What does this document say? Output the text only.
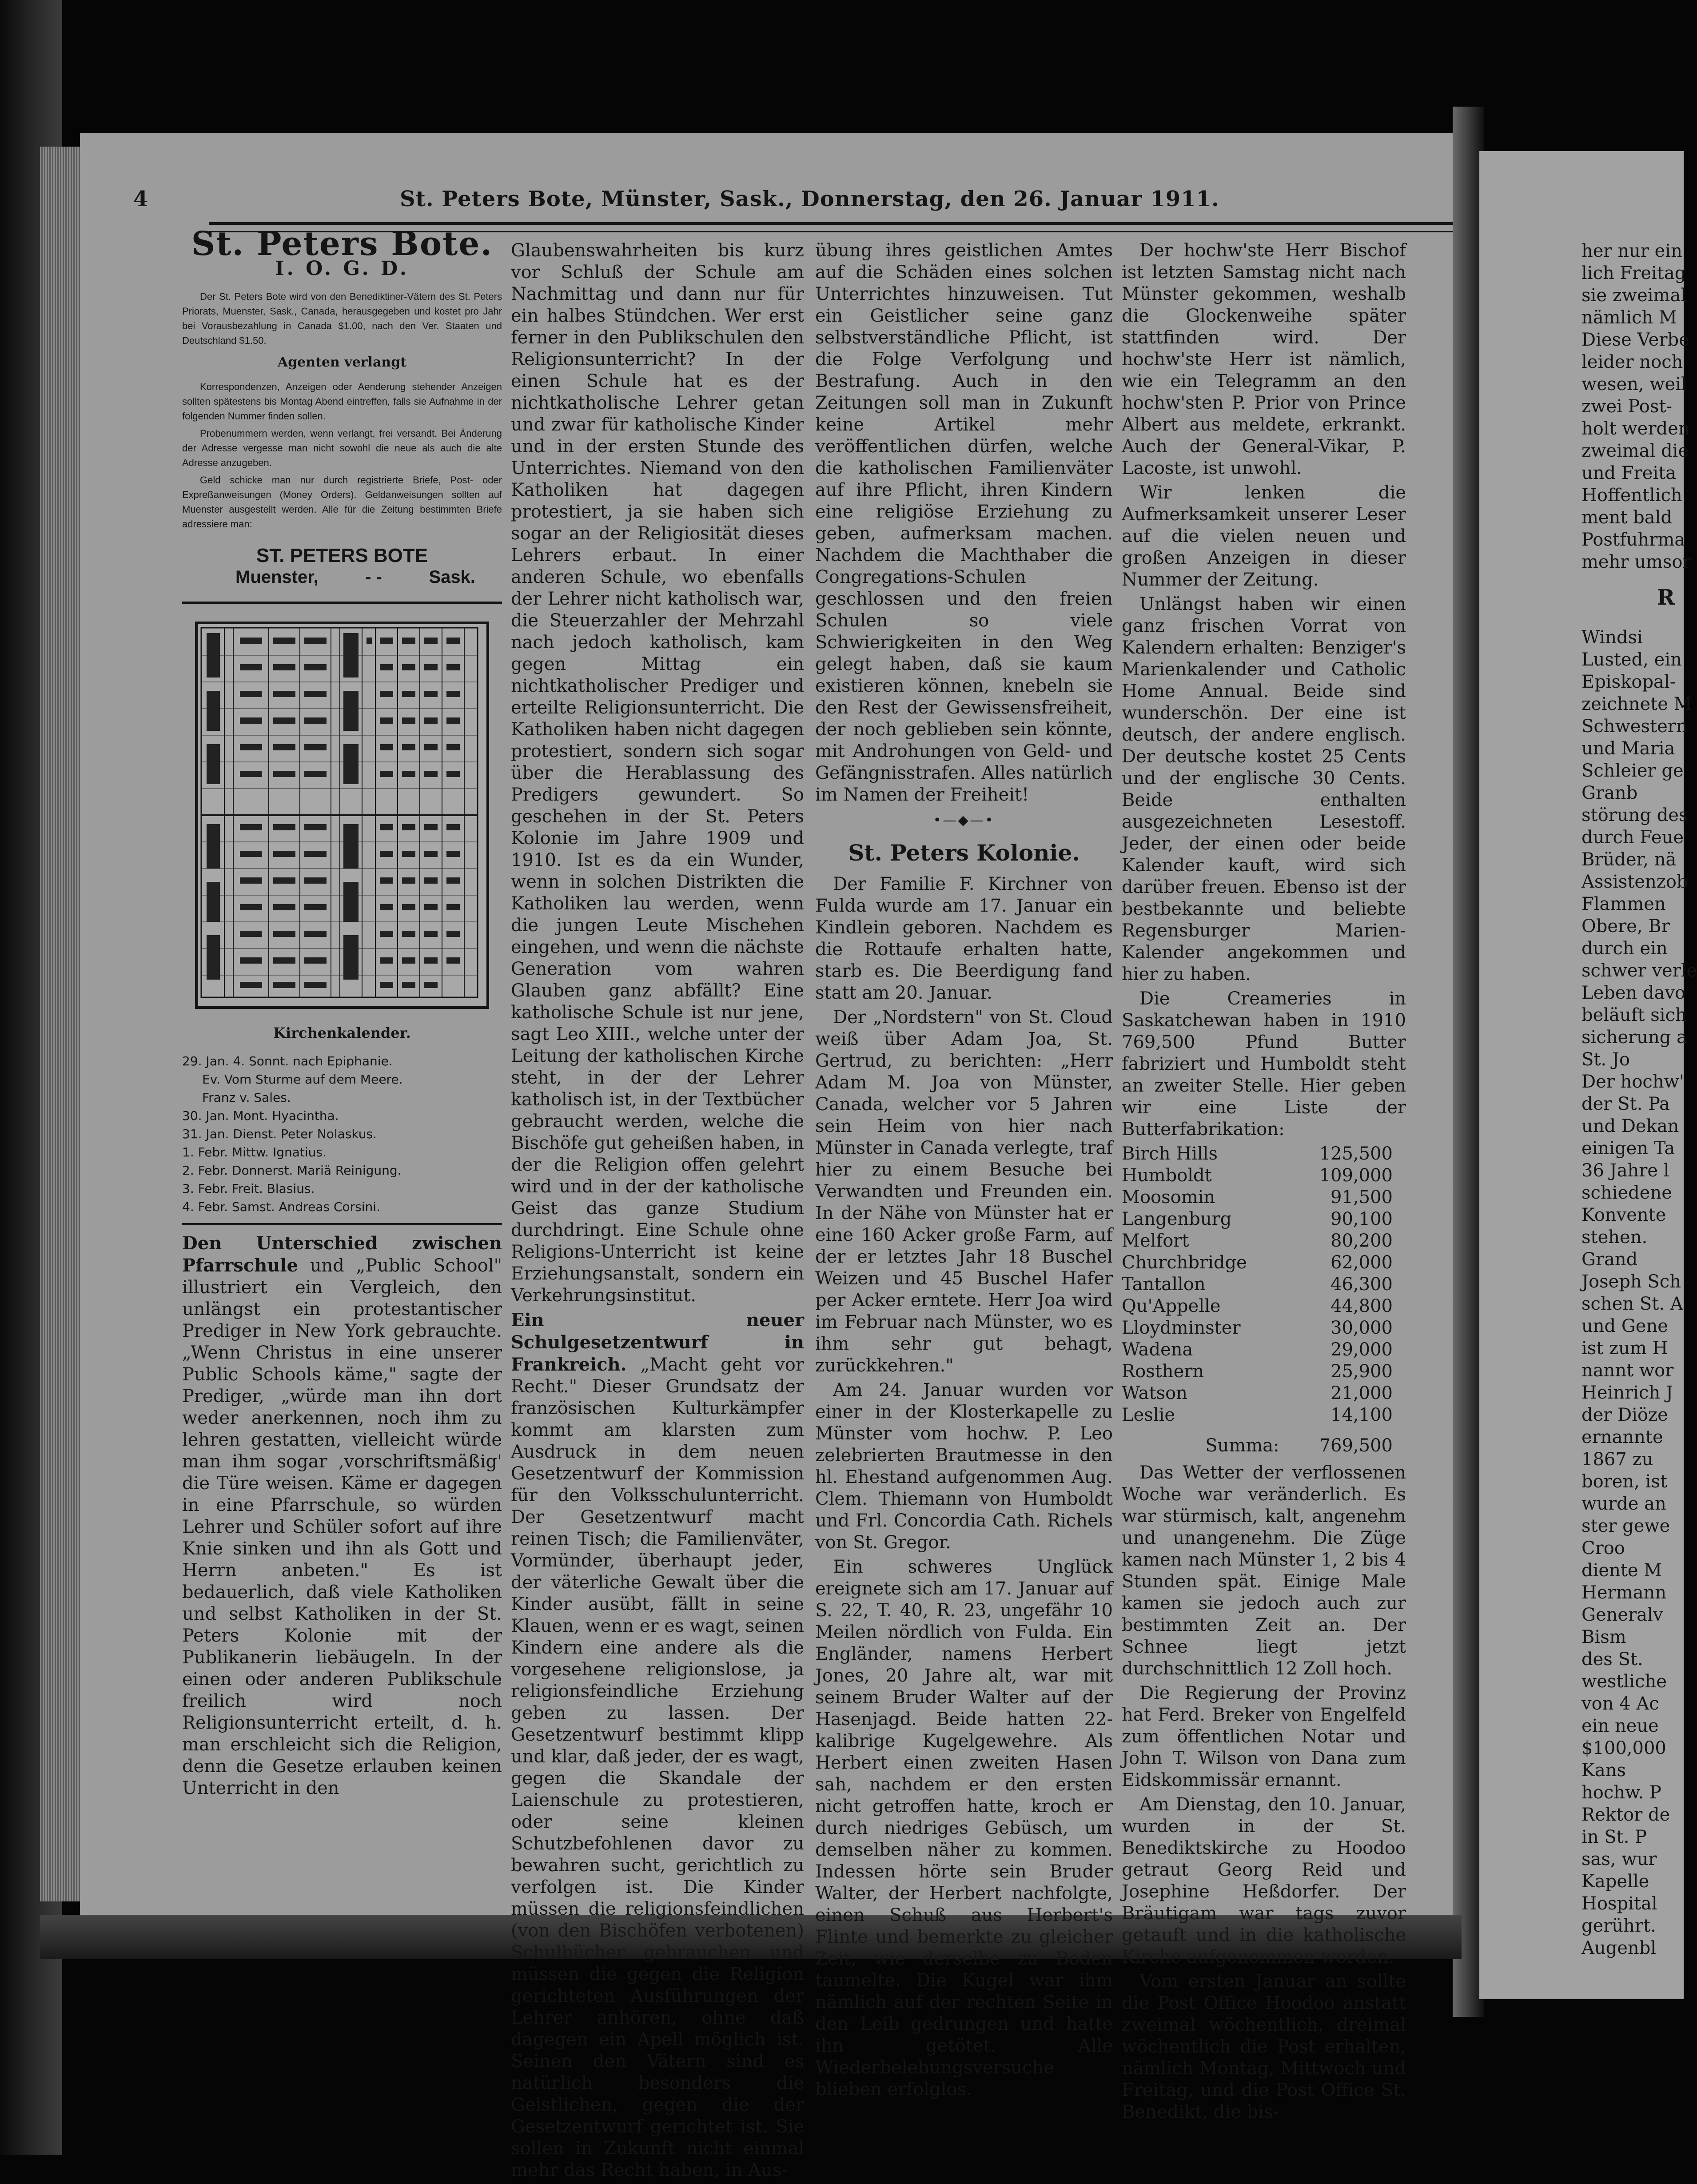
4	St. Peters Bote, Münster, Sask., Donnerstag, den 26. Januar 1911.
St. Peters Bote.
I. O. G. D.

Der St. Peters Bote wird von den Benediktiner-Vätern des St. Peters Priorats, Muenster, Sask., Canada, herausgegeben und kostet pro Jahr bei Vorausbezahlung in Canada $1.00, nach den Ver. Staaten und Deutschland $1.50.

Agenten verlangt

Korrespondenzen, Anzeigen oder Aenderung stehender Anzeigen sollten spätestens bis Montag Abend eintreffen, falls sie Aufnahme in der folgenden Nummer finden sollen.

Probenummern werden, wenn verlangt, frei versandt. Bei Änderung der Adresse vergesse man nicht sowohl die neue als auch die alte Adresse anzugeben.

Geld schicke man nur durch registrierte Briefe, Post- oder Expreßanweisungen (Money Orders). Geldanweisungen sollten auf Muenster ausgestellt werden. Alle für die Zeitung bestimmten Briefe adressiere man:

ST. PETERS BOTE
Muenster,	- -	Sask.
Kirchenkalender.
29. Jan. 4. Sonnt. nach Epiphanie.
Ev. Vom Sturme auf dem Meere.
Franz v. Sales.
30. Jan. Mont. Hyacintha.
31. Jan. Dienst. Peter Nolaskus.
1. Febr. Mittw. Ignatius.
2. Febr. Donnerst. Mariä Reinigung.
3. Febr. Freit. Blasius.
4. Febr. Samst. Andreas Corsini.

Den Unterschied zwischen Pfarrschule und „Public School" illustriert ein Vergleich, den unlängst ein protestantischer Prediger in New York gebrauchte. „Wenn Christus in eine unserer Public Schools käme," sagte der Prediger, „würde man ihn dort weder anerkennen, noch ihm zu lehren gestatten, vielleicht würde man ihm sogar ‚vorschriftsmäßig' die Türe weisen. Käme er dagegen in eine Pfarrschule, so würden Lehrer und Schüler sofort auf ihre Knie sinken und ihn als Gott und Herrn anbeten." Es ist bedauerlich, daß viele Katholiken und selbst Katholiken in der St. Peters Kolonie mit der Publikanerin liebäugeln. In der einen oder anderen Publikschule freilich wird noch Religionsunterricht erteilt, d. h. man erschleicht sich die Religion, denn die Gesetze erlauben keinen Unterricht in den

Glaubenswahrheiten bis kurz vor Schluß der Schule am Nachmittag und dann nur für ein halbes Stündchen. Wer erst ferner in den Publikschulen den Religionsunterricht? In der einen Schule hat es der nichtkatholische Lehrer getan und zwar für katholische Kinder und in der ersten Stunde des Unterrichtes. Niemand von den Katholiken hat dagegen protestiert, ja sie haben sich sogar an der Religiosität dieses Lehrers erbaut. In einer anderen Schule, wo ebenfalls der Lehrer nicht katholisch war, die Steuerzahler der Mehrzahl nach jedoch katholisch, kam gegen Mittag ein nichtkatholischer Prediger und erteilte Religionsunterricht. Die Katholiken haben nicht dagegen protestiert, sondern sich sogar über die Herablassung des Predigers gewundert. So geschehen in der St. Peters Kolonie im Jahre 1909 und 1910. Ist es da ein Wunder, wenn in solchen Distrikten die Katholiken lau werden, wenn die jungen Leute Mischehen eingehen, und wenn die nächste Generation vom wahren Glauben ganz abfällt? Eine katholische Schule ist nur jene, sagt Leo XIII., welche unter der Leitung der katholischen Kirche steht, in der der Lehrer katholisch ist, in der Textbücher gebraucht werden, welche die Bischöfe gut geheißen haben, in der die Religion offen gelehrt wird und in der der katholische Geist das ganze Studium durchdringt. Eine Schule ohne Religions-Unterricht ist keine Erziehungsanstalt, sondern ein Verkehrungsinstitut.

Ein neuer Schulgesetzentwurf in Frankreich. „Macht geht vor Recht." Dieser Grundsatz der französischen Kulturkämpfer kommt am klarsten zum Ausdruck in dem neuen Gesetzentwurf der Kommission für den Volksschulunterricht. Der Gesetzentwurf macht reinen Tisch; die Familienväter, Vormünder, überhaupt jeder, der väterliche Gewalt über die Kinder ausübt, fällt in seine Klauen, wenn er es wagt, seinen Kindern eine andere als die vorgesehene religionslose, ja religionsfeindliche Erziehung geben zu lassen. Der Gesetzentwurf bestimmt klipp und klar, daß jeder, der es wagt, gegen die Skandale der Laienschule zu protestieren, oder seine kleinen Schutzbefohlenen davor zu bewahren sucht, gerichtlich zu verfolgen ist. Die Kinder müssen die religionsfeindlichen (von den Bischöfen verbotenen) Schulbücher gebrauchen und müssen die gegen die Religion gerichteten Ausführungen der Lehrer anhören, ohne daß dagegen ein Apell möglich ist. Seinen den Vätern sind es natürlich besonders die Geistlichen, gegen die der Gesetzentwurf gerichtet ist. Sie sollen in Zukunft nicht einmal mehr das Recht haben, in Aus-

übung ihres geistlichen Amtes auf die Schäden eines solchen Unterrichtes hinzuweisen. Tut ein Geistlicher seine ganz selbstverständliche Pflicht, ist die Folge Verfolgung und Bestrafung. Auch in den Zeitungen soll man in Zukunft keine Artikel mehr veröffentlichen dürfen, welche die katholischen Familienväter auf ihre Pflicht, ihren Kindern eine religiöse Erziehung zu geben, aufmerksam machen. Nachdem die Machthaber die Congregations-Schulen geschlossen und den freien Schulen so viele Schwierigkeiten in den Weg gelegt haben, daß sie kaum existieren können, knebeln sie den Rest der Gewissensfreiheit, der noch geblieben sein könnte, mit Androhungen von Geld- und Gefängnisstrafen. Alles natürlich im Namen der Freiheit!

•—◆—•
St. Peters Kolonie.

Der Familie F. Kirchner von Fulda wurde am 17. Januar ein Kindlein geboren. Nachdem es die Rottaufe erhalten hatte, starb es. Die Beerdigung fand statt am 20. Januar.

Der „Nordstern" von St. Cloud weiß über Adam Joa, St. Gertrud, zu berichten: „Herr Adam M. Joa von Münster, Canada, welcher vor 5 Jahren sein Heim von hier nach Münster in Canada verlegte, traf hier zu einem Besuche bei Verwandten und Freunden ein. In der Nähe von Münster hat er eine 160 Acker große Farm, auf der er letztes Jahr 18 Buschel Weizen und 45 Buschel Hafer per Acker erntete. Herr Joa wird im Februar nach Münster, wo es ihm sehr gut behagt, zurückkehren."

Am 24. Januar wurden vor einer in der Klosterkapelle zu Münster vom hochw. P. Leo zelebrierten Brautmesse in den hl. Ehestand aufgenommen Aug. Clem. Thiemann von Humboldt und Frl. Concordia Cath. Richels von St. Gregor.

Ein schweres Unglück ereignete sich am 17. Januar auf S. 22, T. 40, R. 23, ungefähr 10 Meilen nördlich von Fulda. Ein Engländer, namens Herbert Jones, 20 Jahre alt, war mit seinem Bruder Walter auf der Hasenjagd. Beide hatten 22-kalibrige Kugelgewehre. Als Herbert einen zweiten Hasen sah, nachdem er den ersten nicht getroffen hatte, kroch er durch niedriges Gebüsch, um demselben näher zu kommen. Indessen hörte sein Bruder Walter, der Herbert nachfolgte, einen Schuß aus Herbert's Flinte und bemerkte zu gleicher Zeit, wie derselbe zu Boden taumelte. Die Kugel war ihm nämlich auf der rechten Seite in den Leib gedrungen und hatte ihn getötet. Alle Wiederbelebungsversuche blieben erfolglos.

Der hochw'ste Herr Bischof ist letzten Samstag nicht nach Münster gekommen, weshalb die Glockenweihe später stattfinden wird. Der hochw'ste Herr ist nämlich, wie ein Telegramm an den hochw'sten P. Prior von Prince Albert aus meldete, erkrankt. Auch der General-Vikar, P. Lacoste, ist unwohl.

Wir lenken die Aufmerksamkeit unserer Leser auf die vielen neuen und großen Anzeigen in dieser Nummer der Zeitung.

Unlängst haben wir einen ganz frischen Vorrat von Kalendern erhalten: Benziger's Marienkalender und Catholic Home Annual. Beide sind wunderschön. Der eine ist deutsch, der andere englisch. Der deutsche kostet 25 Cents und der englische 30 Cents. Beide enthalten ausgezeichneten Lesestoff. Jeder, der einen oder beide Kalender kauft, wird sich darüber freuen. Ebenso ist der bestbekannte und beliebte Regensburger Marien-Kalender angekommen und hier zu haben.

Die Creameries in Saskatchewan haben in 1910 769,500 Pfund Butter fabriziert und Humboldt steht an zweiter Stelle. Hier geben wir eine Liste der Butterfabrikation:

Birch Hills	125,500
Humboldt	109,000
Moosomin	91,500
Langenburg	90,100
Melfort	80,200
Churchbridge	62,000
Tantallon	46,300
Qu'Appelle	44,800
Lloydminster	30,000
Wadena	29,000
Rosthern	25,900
Watson	21,000
Leslie	14,100
Summa: 769,500

Das Wetter der verflossenen Woche war veränderlich. Es war stürmisch, kalt, angenehm und unangenehm. Die Züge kamen nach Münster 1, 2 bis 4 Stunden spät. Einige Male kamen sie jedoch auch zur bestimmten Zeit an. Der Schnee liegt jetzt durchschnittlich 12 Zoll hoch.

Die Regierung der Provinz hat Ferd. Breker von Engelfeld zum öffentlichen Notar und John T. Wilson von Dana zum Eidskommissär ernannt.

Am Dienstag, den 10. Januar, wurden in der St. Benediktskirche zu Hoodoo getraut Georg Reid und Josephine Heßdorfer. Der Bräutigam war tags zuvor getauft und in die katholische Kirche aufgenommen worden.

Vom ersten Januar an sollte die Post Office Hoodoo anstatt zweimal wöchentlich, dreimal wöchentlich die Post erhalten, nämlich Montag, Mittwoch und Freitag, und die Post Office St. Benedikt, die bis-

her nur ein
lich Freitag
sie zweimal
nämlich M
Diese Verbe
leider noch
wesen, weil
zwei Post-
holt werden
zweimal die
und Freita
Hoffentlich
ment bald
Postfuhrma
mehr umsor
R
Windsi
Lusted, ein
Episkopal-
zeichnete M
Schwestern
und Maria
Schleier ge
Granb
störung des
durch Feue
Brüder, nä
Assistenzob
Flammen
Obere, Br
durch ein
schwer verle
Leben davo
beläuft sich
sicherung a
St. Jo
Der hochw'
der St. Pa
und Dekan
einigen Ta
36 Jahre l
schiedene
Konvente
stehen.
Grand
Joseph Sch
schen St. A
und Gene
ist zum H
nannt wor
Heinrich J
der Diöze
ernannte
1867 zu
boren, ist
wurde an
ster gewe
Croo
diente M
Hermann
Generalv
Bism
des St.
westliche
von 4 Ac
ein neue
$100,000
Kans
hochw. P
Rektor de
in St. P
sas, wur
Kapelle
Hospital
gerührt.
Augenbl
